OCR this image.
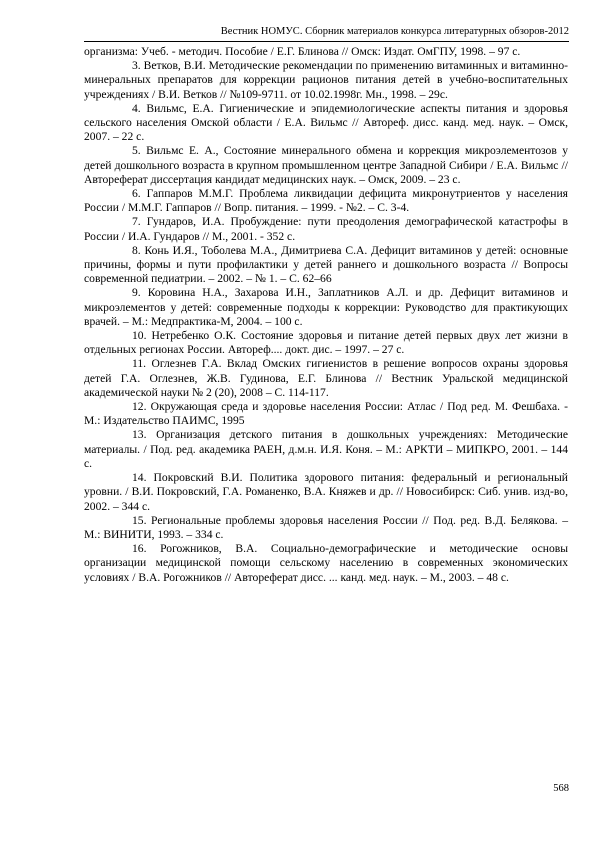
Вестник НОМУС. Сборник материалов конкурса литературных обзоров-2012

организма: Учеб. - методич. Пособие / Е.Г. Блинова // Омск: Издат. ОмГПУ, 1998. – 97 с.

3. Ветков, В.И. Методические рекомендации по применению витаминных и витаминно-минеральных препаратов для коррекции рационов питания детей в учебно-воспитательных учреждениях / В.И. Ветков // №109-9711. от 10.02.1998г. Мн., 1998. – 29с.

4. Вильмс, Е.А. Гигиенические и эпидемиологические аспекты питания и здоровья сельского населения Омской области / Е.А. Вильмс // Автореф. дисс. канд. мед. наук. – Омск, 2007. – 22 с.

5. Вильмс Е. А., Состояние минерального обмена и коррекция микроэлементозов у детей дошкольного возраста в крупном промышленном центре Западной Сибири / Е.А. Вильмс // Автореферат диссертация кандидат медицинских наук. – Омск, 2009. – 23 с.

6. Гаппаров М.М.Г. Проблема ликвидации дефицита микронутриентов у населения России / М.М.Г. Гаппаров // Вопр. питания. – 1999. - №2. – С. 3-4.

7. Гундаров, И.А. Пробуждение: пути преодоления демографической катастрофы в России / И.А. Гундаров // М., 2001. - 352 с.

8. Конь И.Я., Тоболева М.А., Димитриева С.А. Дефицит витаминов у детей: основные причины, формы и пути профилактики у детей раннего и дошкольного возраста // Вопросы современной педиатрии. – 2002. – № 1. – С. 62–66

9. Коровина Н.А., Захарова И.Н., Заплатников А.Л. и др. Дефицит витаминов и микроэлементов у детей: современные подходы к коррекции: Руководство для практикующих врачей. – М.: Медпрактика-М, 2004. – 100 с.

10. Нетребенко О.К. Состояние здоровья и питание детей первых двух лет жизни в отдельных регионах России. Автореф.... докт. дис. – 1997. – 27 с.

11. Оглезнев Г.А. Вклад Омских гигиенистов в решение вопросов охраны здоровья детей Г.А. Оглезнев, Ж.В. Гудинова, Е.Г. Блинова // Вестник Уральской медицинской академической науки № 2 (20), 2008 – С. 114-117.

12. Окружающая среда и здоровье населения России: Атлас / Под ред. М. Фешбаха. - М.: Издательство ПАИМС, 1995

13. Организация детского питания в дошкольных учреждениях: Методические материалы. / Под. ред. академика РАЕН, д.м.н. И.Я. Коня. – М.: АРКТИ – МИПКРО, 2001. – 144 с.

14. Покровский В.И. Политика здорового питания: федеральный и региональный уровни. / В.И. Покровский, Г.А. Романенко, В.А. Княжев и др. // Новосибирск: Сиб. унив. изд-во, 2002. – 344 с.

15. Региональные проблемы здоровья населения России // Под. ред. В.Д. Белякова. – М.: ВИНИТИ, 1993. – 334 с.

16. Рогожников, В.А. Социально-демографические и методические основы организации медицинской помощи сельскому населению в современных экономических условиях / В.А. Рогожников // Автореферат дисс. ... канд. мед. наук. – М., 2003. – 48 с.

568
